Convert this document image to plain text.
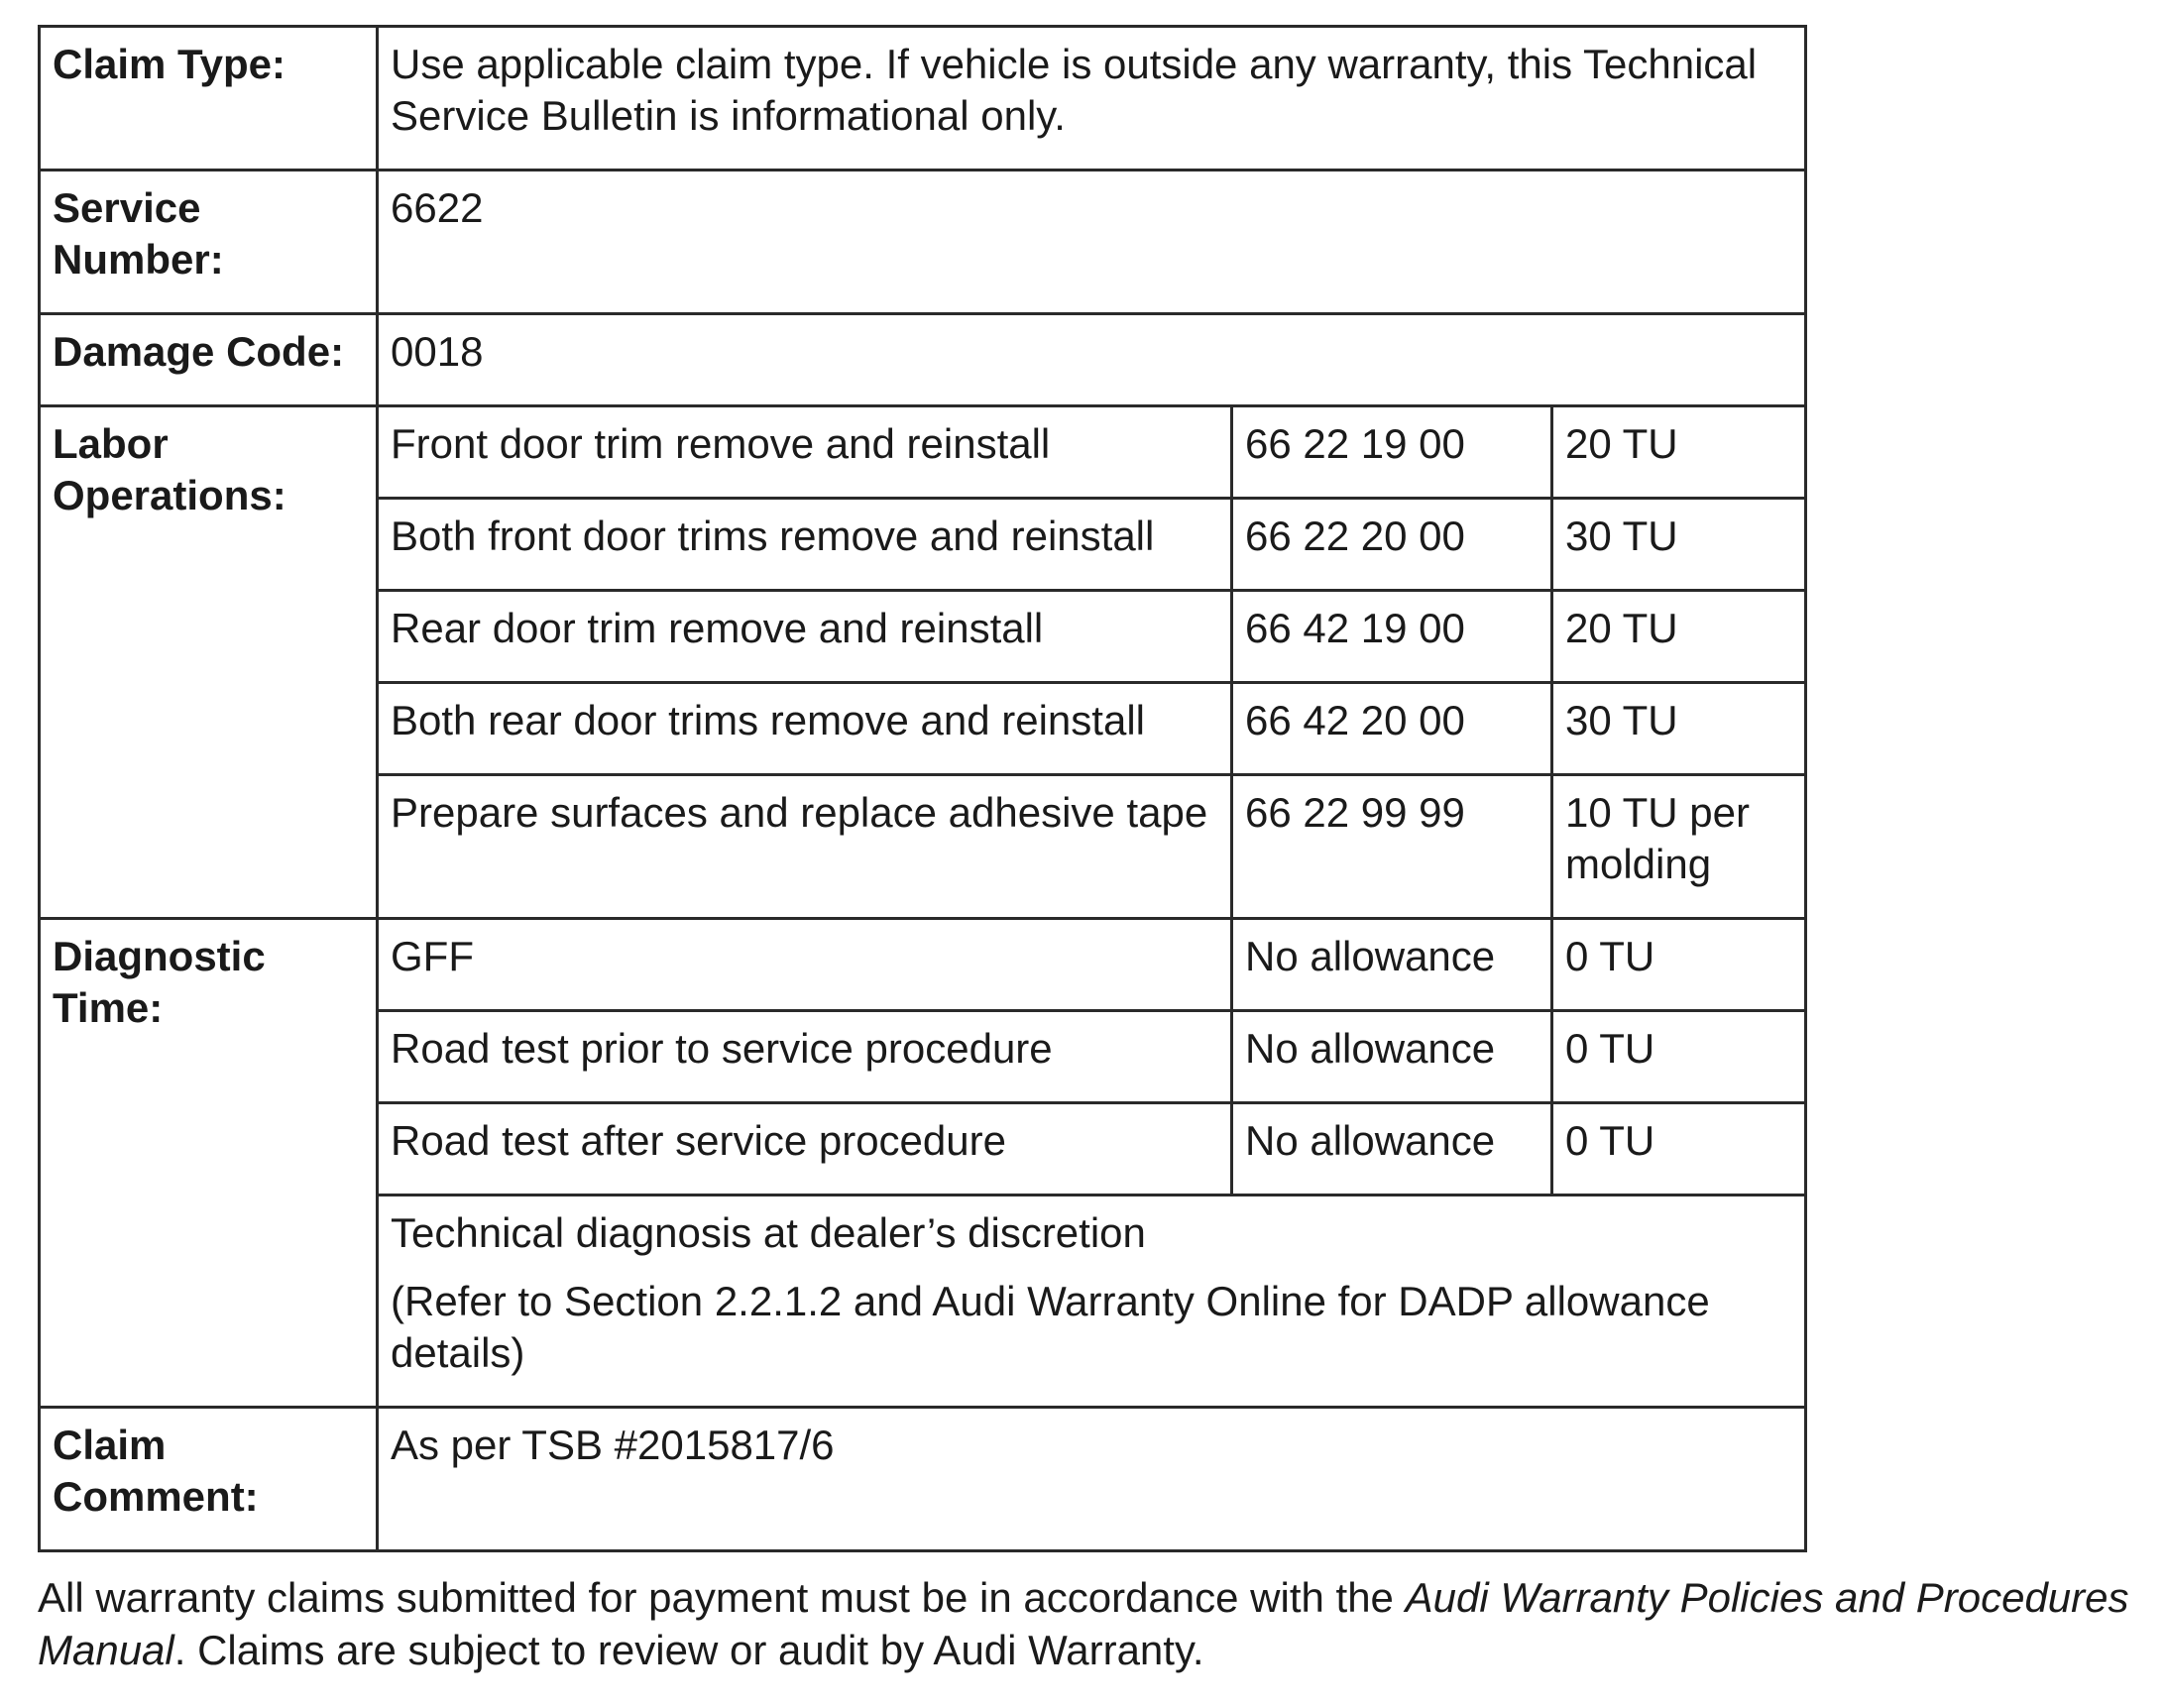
Claim Type:	Use applicable claim type. If vehicle is outside any warranty, this Technical Service Bulletin is informational only.		
Service Number:	6622		
Damage Code:	0018		
Labor Operations:	Front door trim remove and reinstall	66 22 19 00	20 TU
	Both front door trims remove and reinstall	66 22 20 00	30 TU
	Rear door trim remove and reinstall	66 42 19 00	20 TU
	Both rear door trims remove and reinstall	66 42 20 00	30 TU
	Prepare surfaces and replace adhesive tape	66 22 99 99	10 TU per molding
Diagnostic Time:	GFF	No allowance	0 TU
	Road test prior to service procedure	No allowance	0 TU
	Road test after service procedure	No allowance	0 TU

	Technical diagnosis at dealer’s discretion
(Refer to Section 2.2.1.2 and Audi Warranty Online for DADP allowance details)		

Claim Comment:	As per TSB #2015817/6		

All warranty claims submitted for payment must be in accordance with the Audi Warranty Policies and Procedures Manual. Claims are subject to review or audit by Audi Warranty.
